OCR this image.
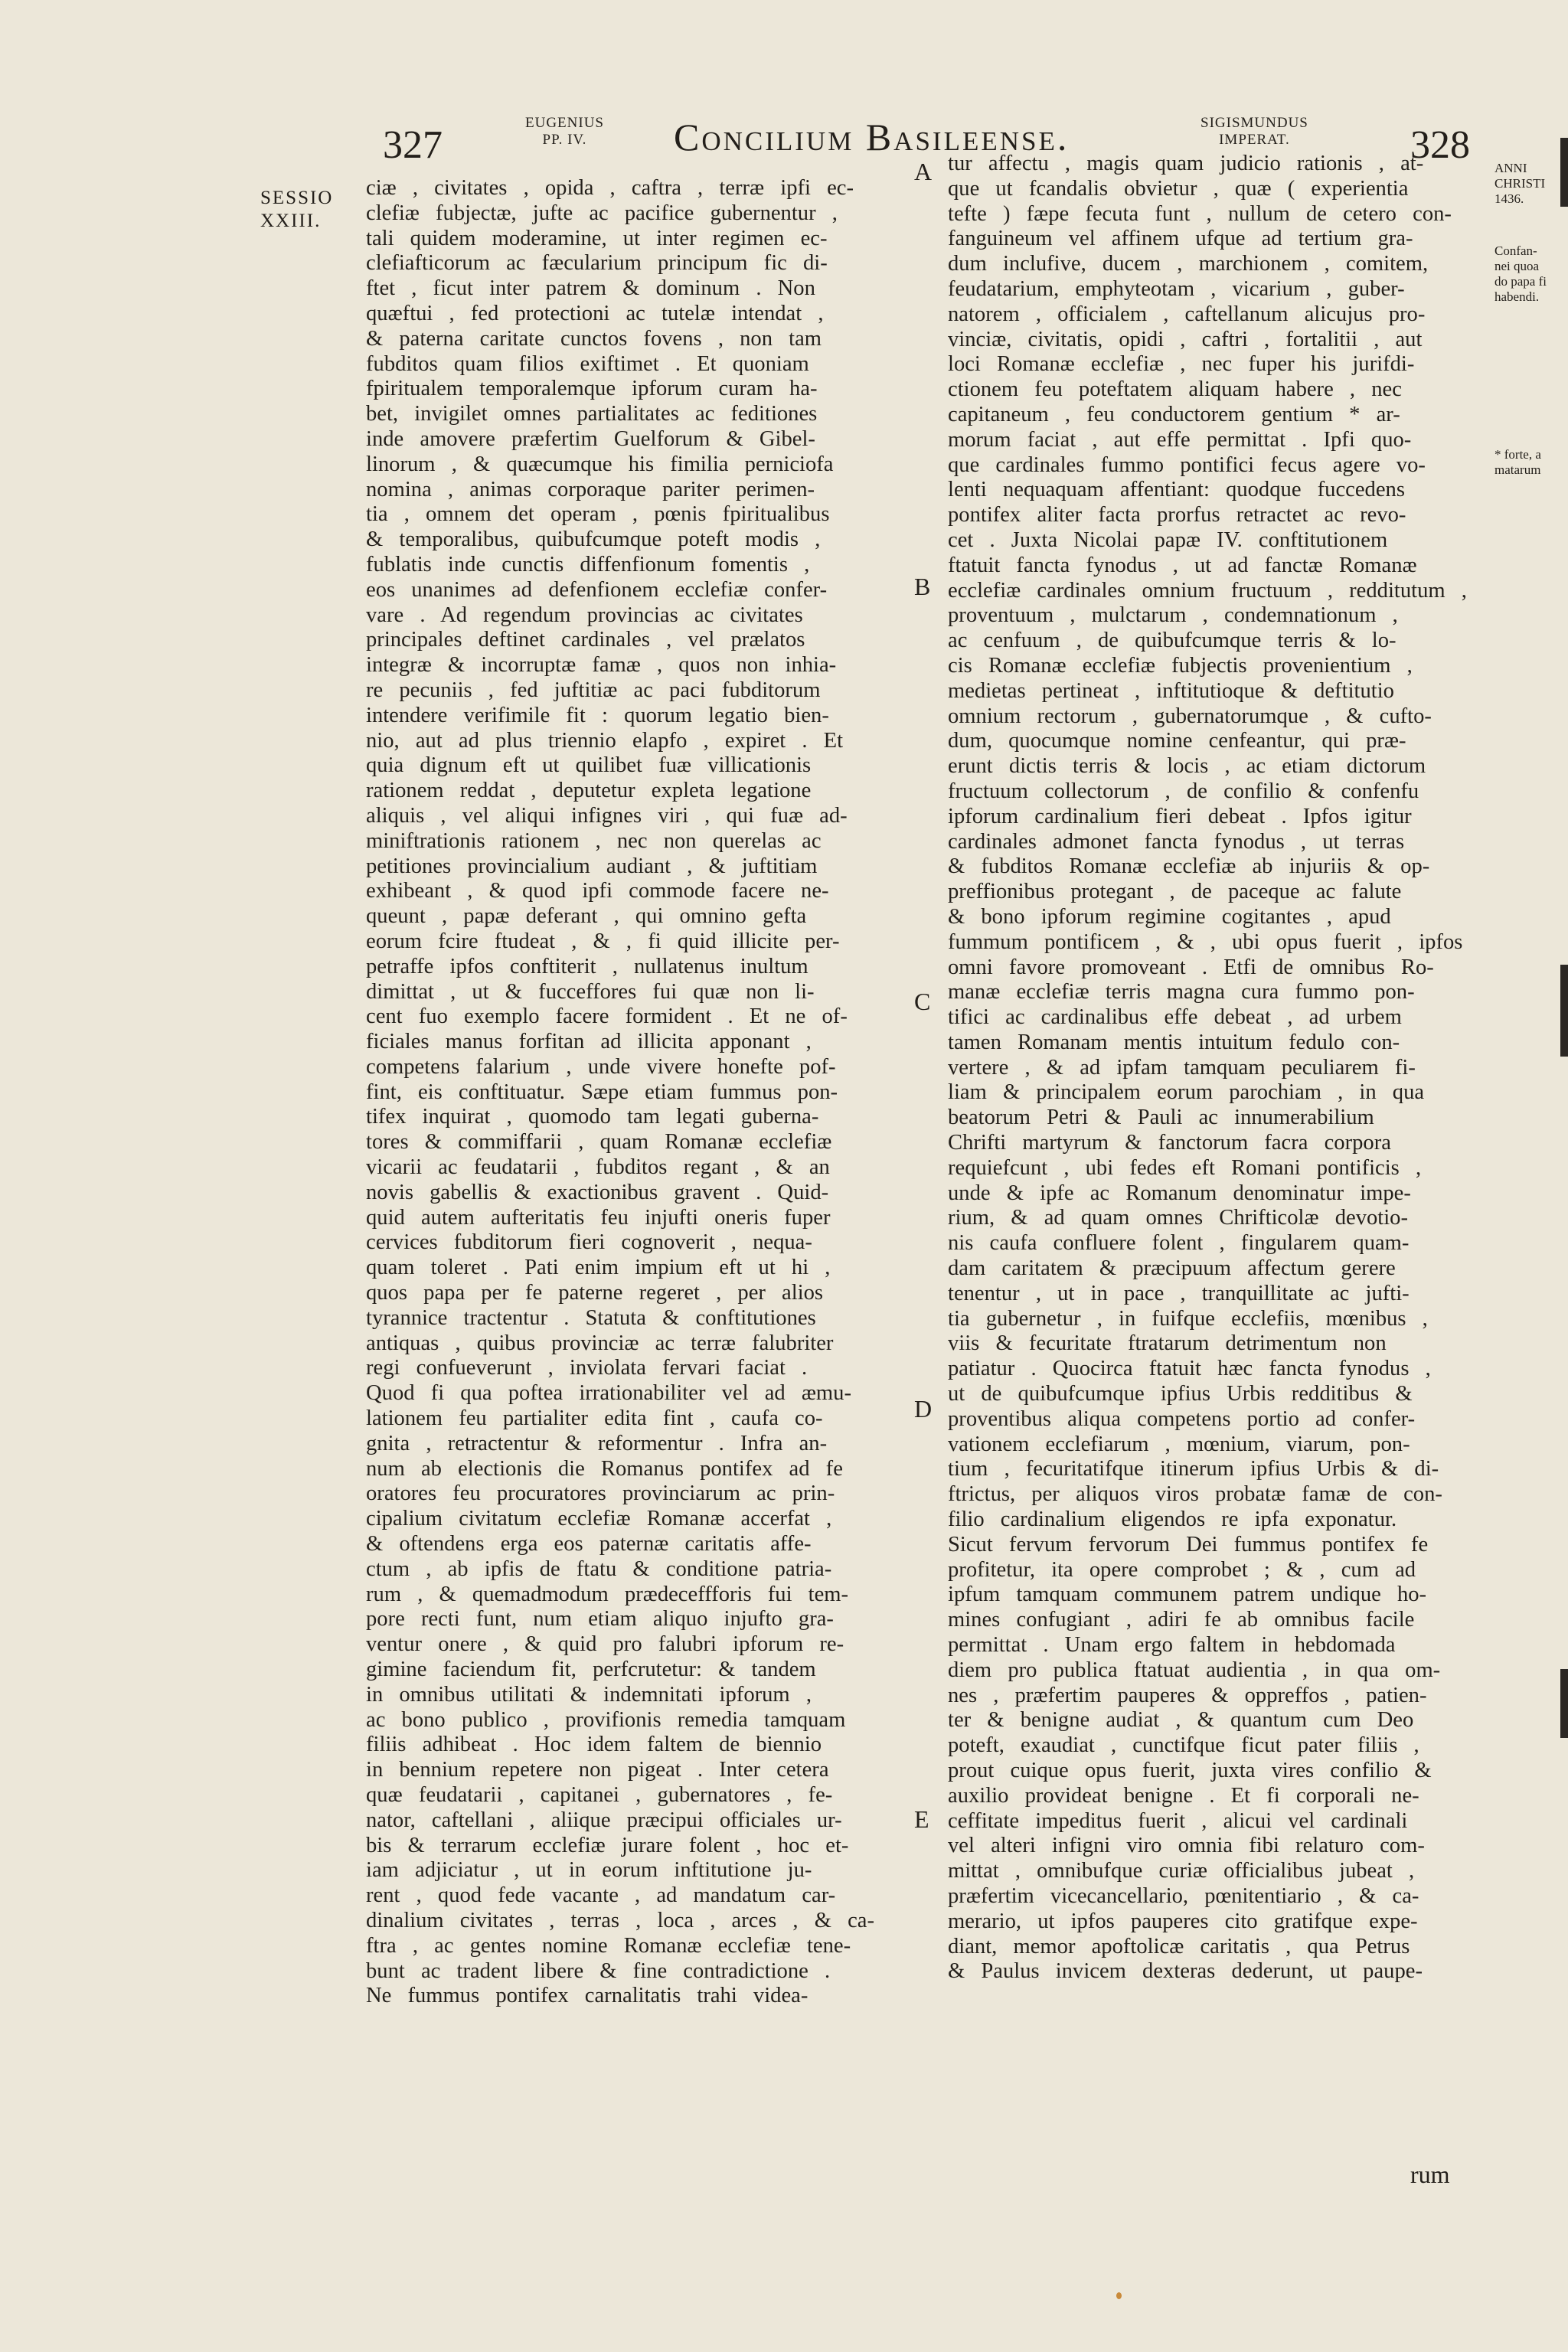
327
EUGENIUS
PP. IV.	Concilium Basileense.	SIGISMUNDUS
IMPERAT.	328
SESSIO
XXIII.
ciæ , civitates , opida , caftra , terræ ipfi ec-
clefiæ fubjectæ, jufte ac pacifice gubernentur ,
tali quidem moderamine, ut inter regimen ec-
clefiafticorum ac fæcularium principum fic di-
ftet , ficut inter patrem & dominum . Non
quæftui , fed protectioni ac tutelæ intendat ,
& paterna caritate cunctos fovens , non tam
fubditos quam filios exiftimet . Et quoniam
fpiritualem temporalemque ipforum curam ha-
bet, invigilet omnes partialitates ac feditiones
inde amovere præfertim Guelforum & Gibel-
linorum , & quæcumque his fimilia perniciofa
nomina , animas corporaque pariter perimen-
tia , omnem det operam , pœnis fpiritualibus
& temporalibus, quibufcumque poteft modis ,
fublatis inde cunctis diffenfionum fomentis ,
eos unanimes ad defenfionem ecclefiæ confer-
vare . Ad regendum provincias ac civitates
principales deftinet cardinales , vel prælatos
integræ & incorruptæ famæ , quos non inhia-
re pecuniis , fed juftitiæ ac paci fubditorum
intendere verifimile fit : quorum legatio bien-
nio, aut ad plus triennio elapfo , expiret . Et
quia dignum eft ut quilibet fuæ villicationis
rationem reddat , deputetur expleta legatione
aliquis , vel aliqui infignes viri , qui fuæ ad-
miniftrationis rationem , nec non querelas ac
petitiones provincialium audiant , & juftitiam
exhibeant , & quod ipfi commode facere ne-
queunt , papæ deferant , qui omnino gefta
eorum fcire ftudeat , & , fi quid illicite per-
petraffe ipfos conftiterit , nullatenus inultum
dimittat , ut & fucceffores fui quæ non li-
cent fuo exemplo facere formident . Et ne of-
ficiales manus forfitan ad illicita apponant ,
competens falarium , unde vivere honefte pof-
fint, eis conftituatur. Sæpe etiam fummus pon-
tifex inquirat , quomodo tam legati guberna-
tores & commiffarii , quam Romanæ ecclefiæ
vicarii ac feudatarii , fubditos regant , & an
novis gabellis & exactionibus gravent . Quid-
quid autem aufteritatis feu injufti oneris fuper
cervices fubditorum fieri cognoverit , nequa-
quam toleret . Pati enim impium eft ut hi ,
quos papa per fe paterne regeret , per alios
tyrannice tractentur . Statuta & conftitutiones
antiquas , quibus provinciæ ac terræ falubriter
regi confueverunt , inviolata fervari faciat .
Quod fi qua poftea irrationabiliter vel ad æmu-
lationem feu partialiter edita fint , caufa co-
gnita , retractentur & reformentur . Infra an-
num ab electionis die Romanus pontifex ad fe
oratores feu procuratores provinciarum ac prin-
cipalium civitatum ecclefiæ Romanæ accerfat ,
& oftendens erga eos paternæ caritatis affe-
ctum , ab ipfis de ftatu & conditione patria-
rum , & quemadmodum prædeceffforis fui tem-
pore recti funt, num etiam aliquo injufto gra-
ventur onere , & quid pro falubri ipforum re-
gimine faciendum fit, perfcrutetur: & tandem
in omnibus utilitati & indemnitati ipforum ,
ac bono publico , provifionis remedia tamquam
filiis adhibeat . Hoc idem faltem de biennio
in bennium repetere non pigeat . Inter cetera
quæ feudatarii , capitanei , gubernatores , fe-
nator, caftellani , aliique præcipui officiales ur-
bis & terrarum ecclefiæ jurare folent , hoc et-
iam adjiciatur , ut in eorum inftitutione ju-
rent , quod fede vacante , ad mandatum car-
dinalium civitates , terras , loca , arces , & ca-
ftra , ac gentes nomine Romanæ ecclefiæ tene-
bunt ac tradent libere & fine contradictione .
Ne fummus pontifex carnalitatis trahi videa-
tur affectu , magis quam judicio rationis , at-
que ut fcandalis obvietur , quæ ( experientia
tefte ) fæpe fecuta funt , nullum de cetero con-
fanguineum vel affinem ufque ad tertium gra-
dum inclufive, ducem , marchionem , comitem,
feudatarium, emphyteotam , vicarium , guber-
natorem , officialem , caftellanum alicujus pro-
vinciæ, civitatis, opidi , caftri , fortalitii , aut
loci Romanæ ecclefiæ , nec fuper his jurifdi-
ctionem feu poteftatem aliquam habere , nec
capitaneum , feu conductorem gentium * ar-
morum faciat , aut effe permittat . Ipfi quo-
que cardinales fummo pontifici fecus agere vo-
lenti nequaquam affentiant: quodque fuccedens
pontifex aliter facta prorfus retractet ac revo-
cet . Juxta Nicolai papæ IV. conftitutionem
ftatuit fancta fynodus , ut ad fanctæ Romanæ
ecclefiæ cardinales omnium fructuum , redditutum ,
proventuum , mulctarum , condemnationum ,
ac cenfuum , de quibufcumque terris & lo-
cis Romanæ ecclefiæ fubjectis provenientium ,
medietas pertineat , inftitutioque & deftitutio
omnium rectorum , gubernatorumque , & cufto-
dum, quocumque nomine cenfeantur, qui præ-
erunt dictis terris & locis , ac etiam dictorum
fructuum collectorum , de confilio & confenfu
ipforum cardinalium fieri debeat . Ipfos igitur
cardinales admonet fancta fynodus , ut terras
& fubditos Romanæ ecclefiæ ab injuriis & op-
preffionibus protegant , de paceque ac falute
& bono ipforum regimine cogitantes , apud
fummum pontificem , & , ubi opus fuerit , ipfos
omni favore promoveant . Etfi de omnibus Ro-
manæ ecclefiæ terris magna cura fummo pon-
tifici ac cardinalibus effe debeat , ad urbem
tamen Romanam mentis intuitum fedulo con-
vertere , & ad ipfam tamquam peculiarem fi-
liam & principalem eorum parochiam , in qua
beatorum Petri & Pauli ac innumerabilium
Chrifti martyrum & fanctorum facra corpora
requiefcunt , ubi fedes eft Romani pontificis ,
unde & ipfe ac Romanum denominatur impe-
rium, & ad quam omnes Chrifticolæ devotio-
nis caufa confluere folent , fingularem quam-
dam caritatem & præcipuum affectum gerere
tenentur , ut in pace , tranquillitate ac jufti-
tia gubernetur , in fuifque ecclefiis, mœnibus ,
viis & fecuritate ftratarum detrimentum non
patiatur . Quocirca ftatuit hæc fancta fynodus ,
ut de quibufcumque ipfius Urbis redditibus &
proventibus aliqua competens portio ad confer-
vationem ecclefiarum , mœnium, viarum, pon-
tium , fecuritatifque itinerum ipfius Urbis & di-
ftrictus, per aliquos viros probatæ famæ de con-
filio cardinalium eligendos re ipfa exponatur.
Sicut fervum fervorum Dei fummus pontifex fe
profitetur, ita opere comprobet ; & , cum ad
ipfum tamquam communem patrem undique ho-
mines confugiant , adiri fe ab omnibus facile
permittat . Unam ergo faltem in hebdomada
diem pro publica ftatuat audientia , in qua om-
nes , præfertim pauperes & oppreffos , patien-
ter & benigne audiat , & quantum cum Deo
poteft, exaudiat , cunctifque ficut pater filiis ,
prout cuique opus fuerit, juxta vires confilio &
auxilio provideat benigne . Et fi corporali ne-
ceffitate impeditus fuerit , alicui vel cardinali
vel alteri infigni viro omnia fibi relaturo com-
mittat , omnibufque curiæ officialibus jubeat ,
præfertim vicecancellario, pœnitentiario , & ca-
merario, ut ipfos pauperes cito gratifque expe-
diant, memor apoftolicæ caritatis , qua Petrus
& Paulus invicem dexteras dederunt, ut paupe-
A
B
C
D
E
ANNI
CHRISTI
1436.
Confan-
nei quoa
do papa fi
habendi.
* forte, a
matarum
rum
